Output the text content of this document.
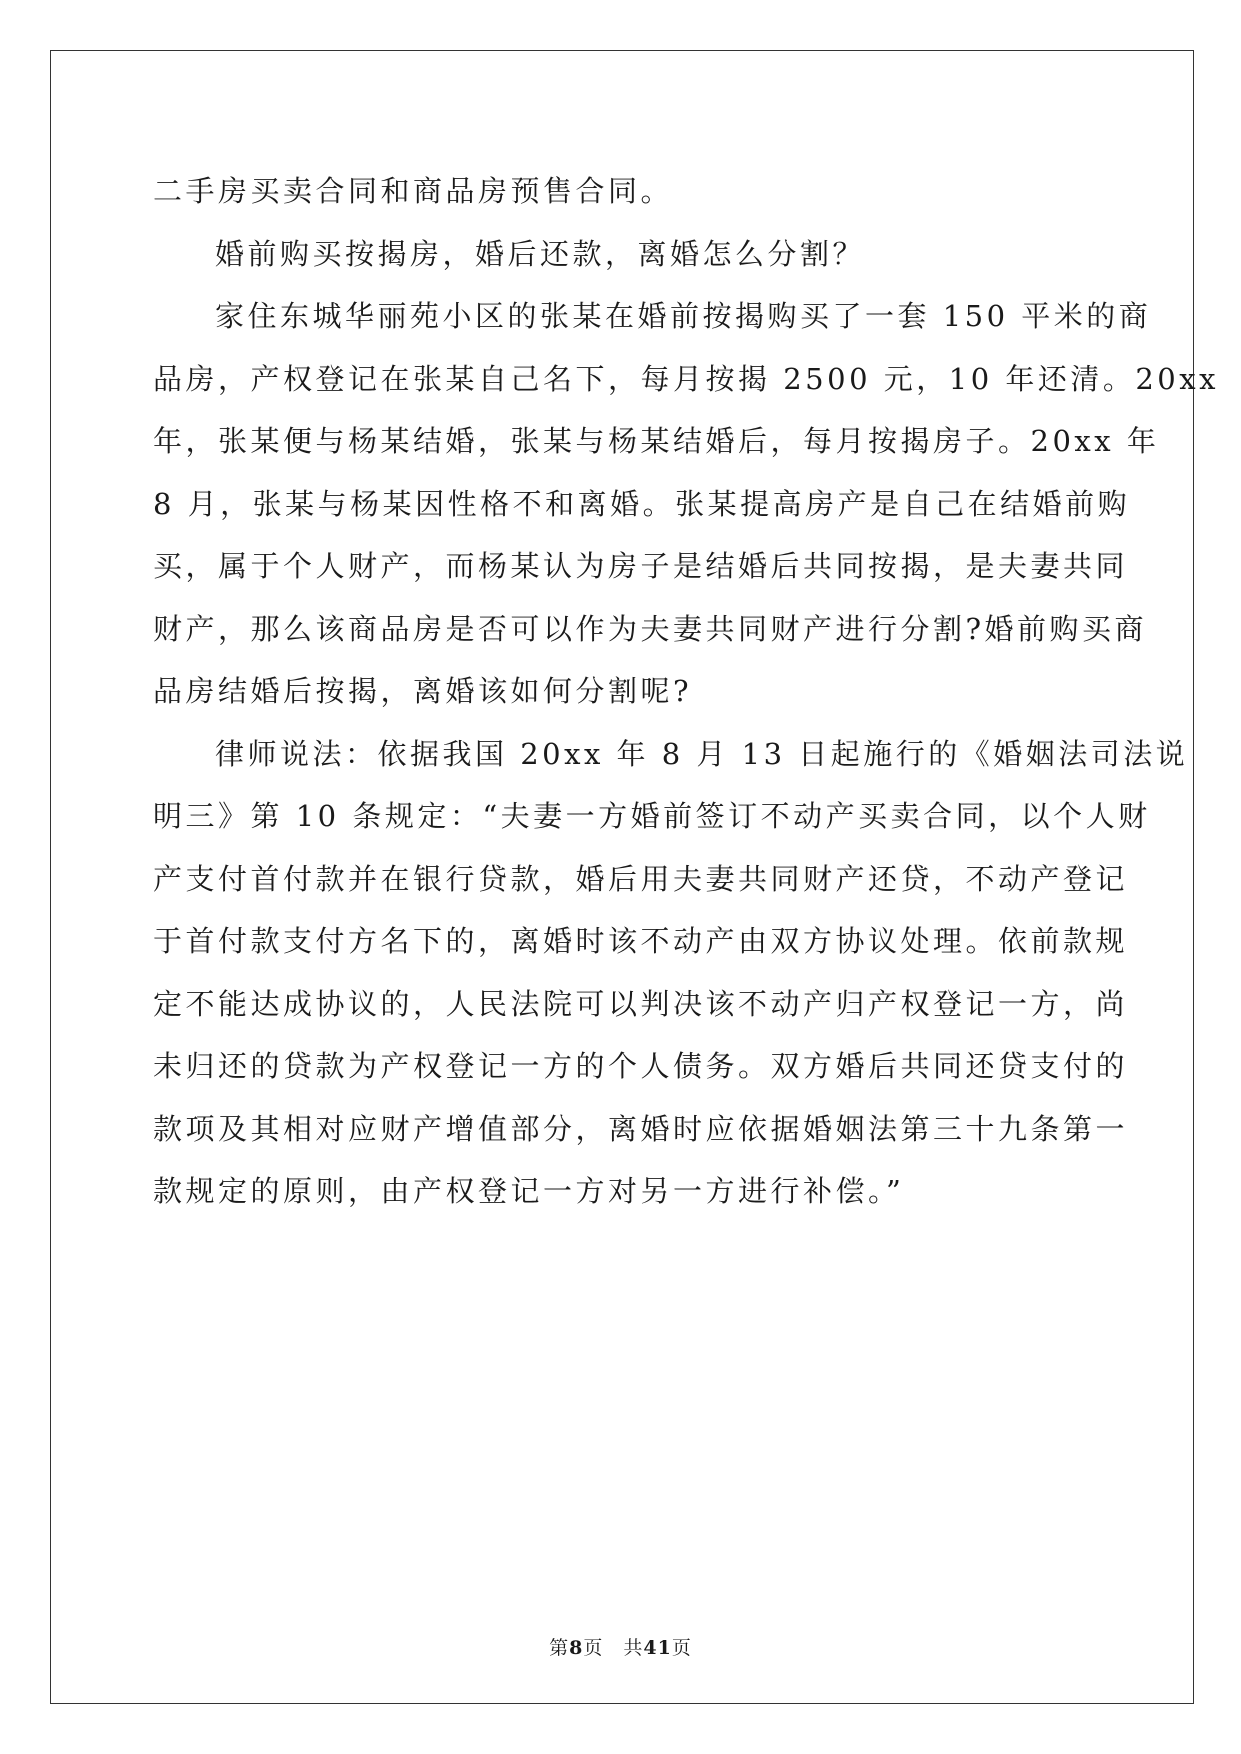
二手房买卖合同和商品房预售合同。
婚前购买按揭房，婚后还款，离婚怎么分割？
家住东城华丽苑小区的张某在婚前按揭购买了一套 150 平米的商
品房，产权登记在张某自己名下，每月按揭 2500 元，10 年还清。20xx
年，张某便与杨某结婚，张某与杨某结婚后，每月按揭房子。20xx 年
8 月，张某与杨某因性格不和离婚。张某提高房产是自己在结婚前购
买，属于个人财产，而杨某认为房子是结婚后共同按揭，是夫妻共同
财产，那么该商品房是否可以作为夫妻共同财产进行分割?婚前购买商
品房结婚后按揭，离婚该如何分割呢?
律师说法：依据我国 20xx 年 8 月 13 日起施行的《婚姻法司法说
明三》第 10 条规定：“夫妻一方婚前签订不动产买卖合同，以个人财
产支付首付款并在银行贷款，婚后用夫妻共同财产还贷，不动产登记
于首付款支付方名下的，离婚时该不动产由双方协议处理。依前款规
定不能达成协议的，人民法院可以判决该不动产归产权登记一方，尚
未归还的贷款为产权登记一方的个人债务。双方婚后共同还贷支付的
款项及其相对应财产增值部分，离婚时应依据婚姻法第三十九条第一
款规定的原则，由产权登记一方对另一方进行补偿。”
第8页 共41页
